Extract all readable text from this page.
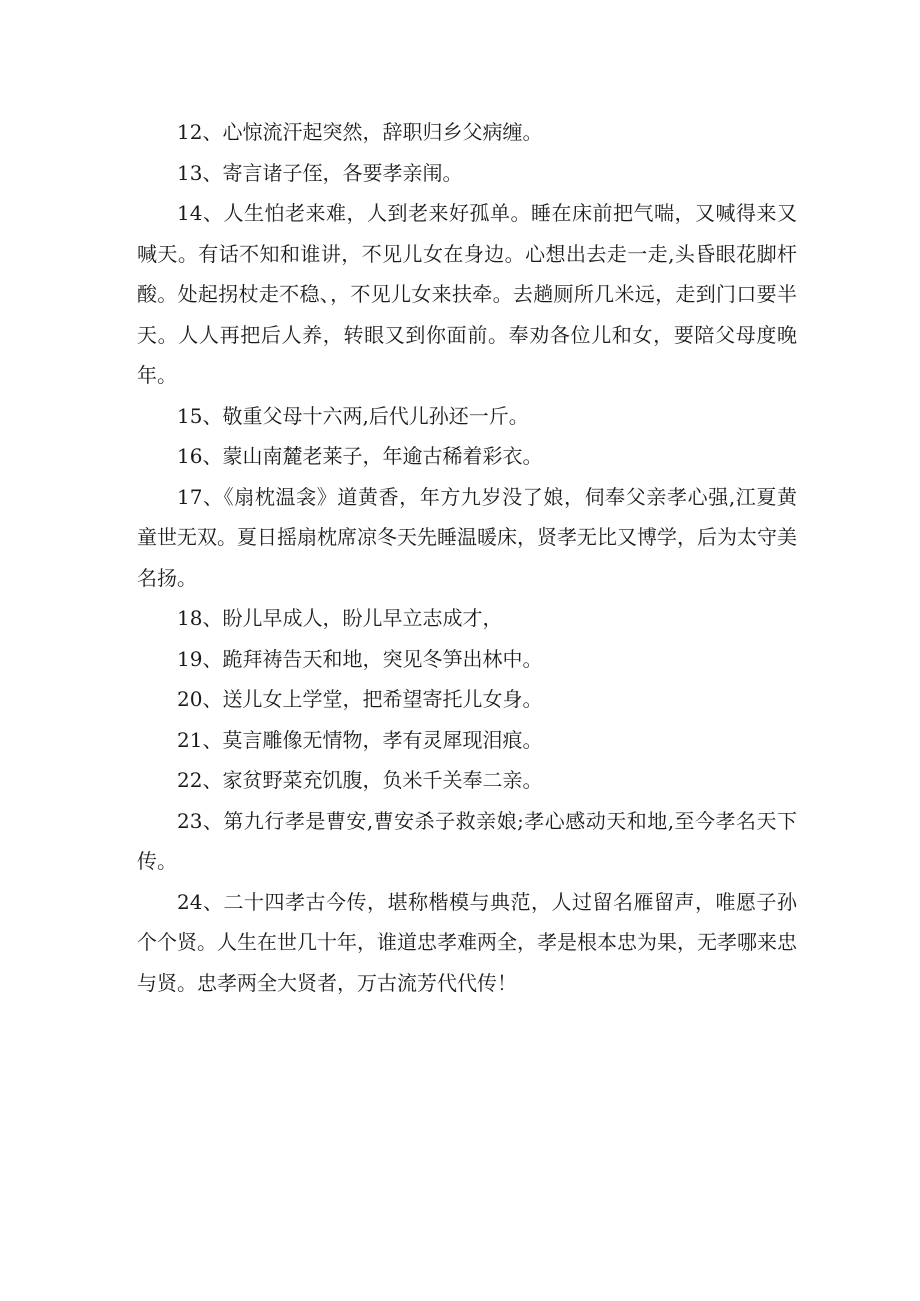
12、心惊流汗起突然，辞职归乡父病缠。

13、寄言诸子侄，各要孝亲闱。

14、人生怕老来难，人到老来好孤单。睡在床前把气喘，又喊得来又喊天。有话不知和谁讲，不见儿女在身边。心想出去走一走,头昏眼花脚杆酸。处起拐杖走不稳、，不见儿女来扶牵。去趟厕所几米远，走到门口要半天。人人再把后人养，转眼又到你面前。奉劝各位儿和女，要陪父母度晚年。

15、敬重父母十六两,后代儿孙还一斤。

16、蒙山南麓老莱子，年逾古稀着彩衣。

17、《扇枕温衾》道黄香，年方九岁没了娘，伺奉父亲孝心强,江夏黄童世无双。夏日摇扇枕席凉冬天先睡温暖床，贤孝无比又博学，后为太守美名扬。

18、盼儿早成人，盼儿早立志成才，

19、跪拜祷告天和地，突见冬笋出林中。

20、送儿女上学堂，把希望寄托儿女身。

21、莫言雕像无情物，孝有灵犀现泪痕。

22、家贫野菜充饥腹，负米千关奉二亲。

23、第九行孝是曹安,曹安杀子救亲娘;孝心感动天和地,至今孝名天下传。

24、二十四孝古今传，堪称楷模与典范，人过留名雁留声，唯愿子孙个个贤。人生在世几十年，谁道忠孝难两全，孝是根本忠为果，无孝哪来忠与贤。忠孝两全大贤者，万古流芳代代传！
